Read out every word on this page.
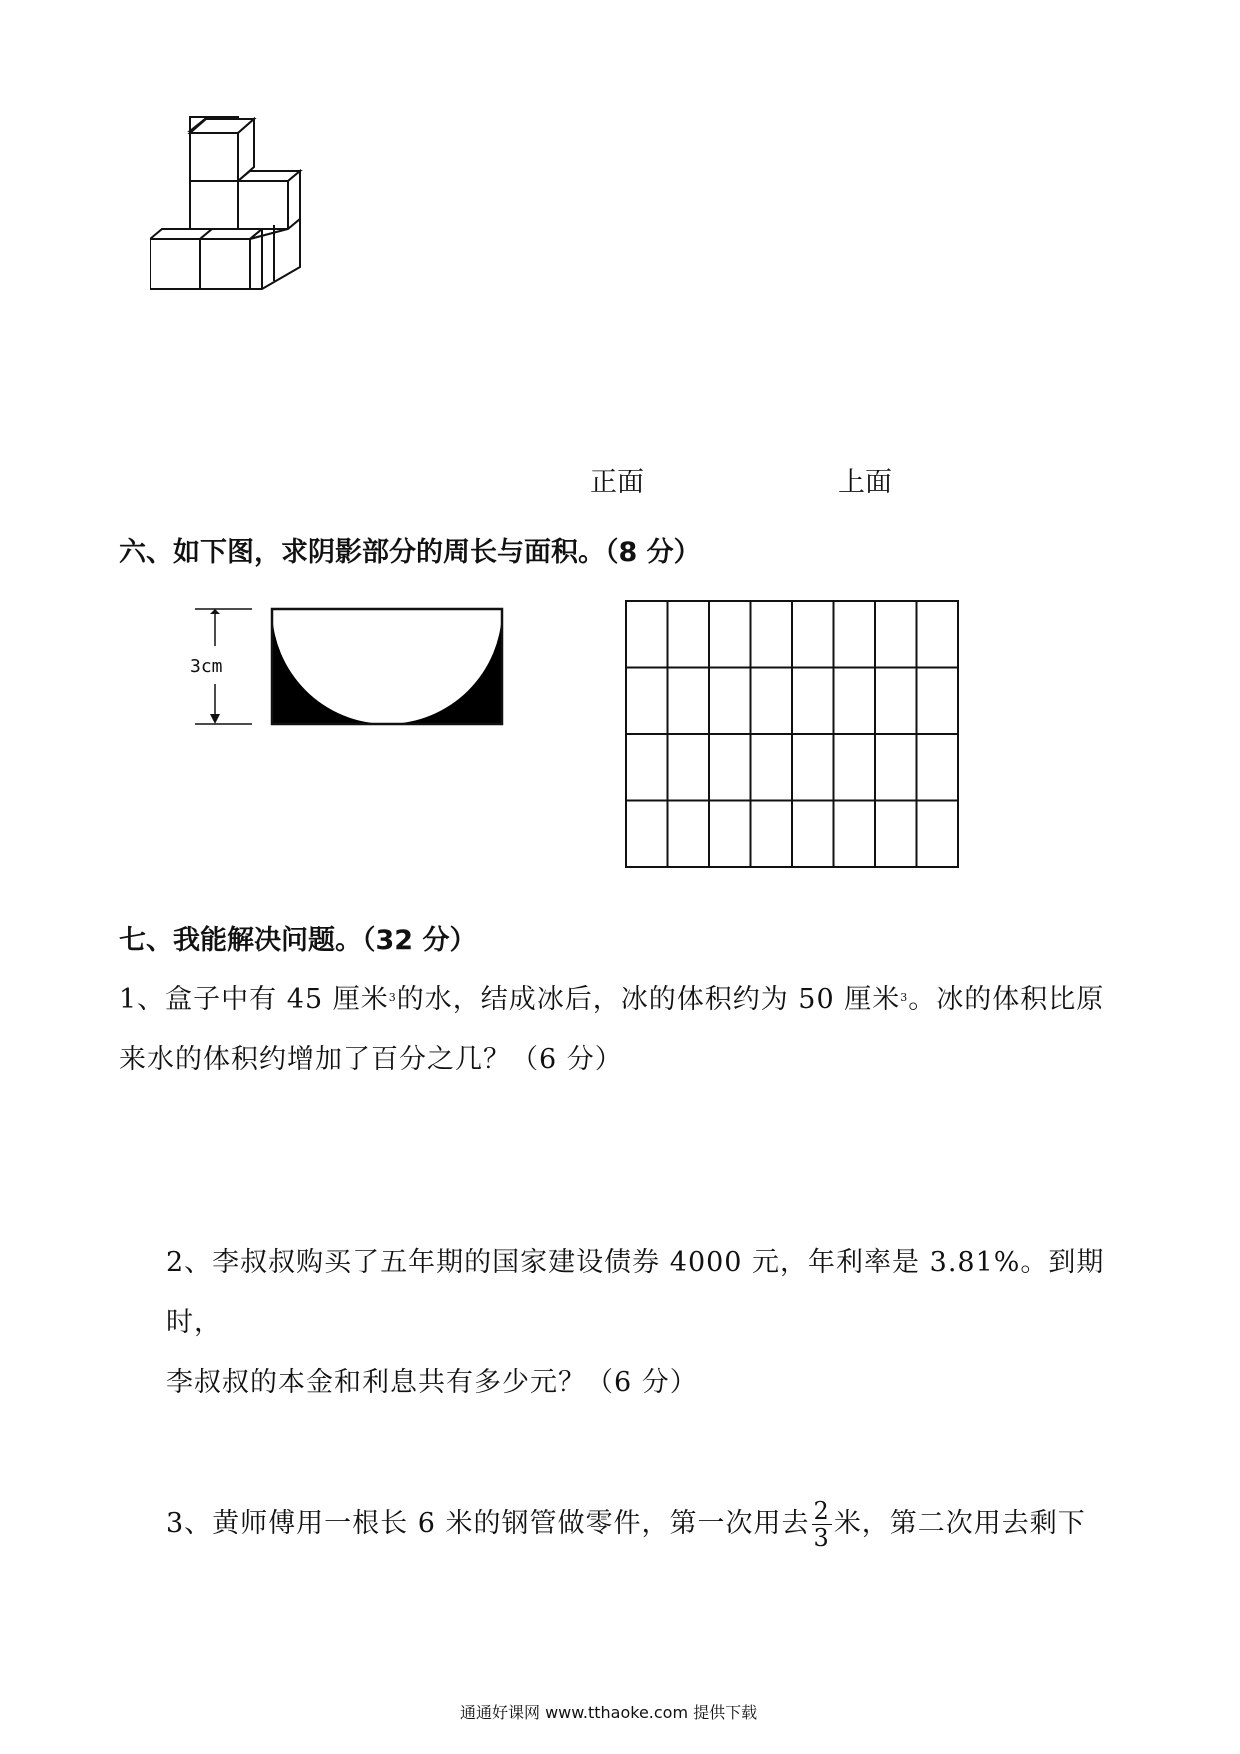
正面	上面
六、如下图，求阴影部分的周长与面积。（8 分）
3cm
七、我能解决问题。（32 分）
1、盒子中有 45 厘米$^3$的水，结成冰后，冰的体积约为 50 厘米$^3$。冰的体积比原
来水的体积约增加了百分之几？（6 分）
2、李叔叔购买了五年期的国家建设债券 4000 元，年利率是 3.81%。到期时，
李叔叔的本金和利息共有多少元？（6 分）
3、黄师傅用一根长 6 米的钢管做零件，第一次用去 $\frac{2}{3}$ 米，第二次用去剩下
通通好课网 www.tthaoke.com 提供下载
